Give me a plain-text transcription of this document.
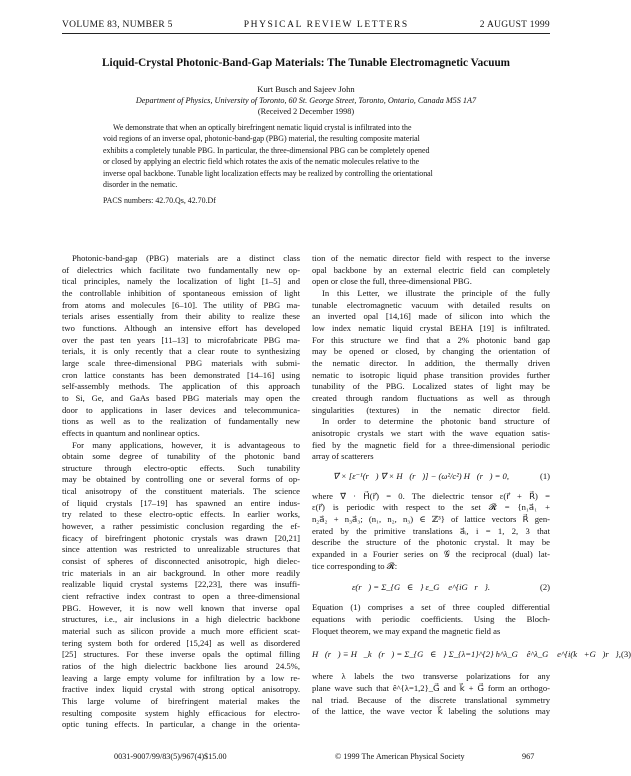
VOLUME 83, NUMBER 5	PHYSICAL REVIEW LETTERS	2 AUGUST 1999
Liquid-Crystal Photonic-Band-Gap Materials: The Tunable Electromagnetic Vacuum
Kurt Busch and Sajeev John
Department of Physics, University of Toronto, 60 St. George Street, Toronto, Ontario, Canada M5S 1A7
(Received 2 December 1998)
We demonstrate that when an optically birefringent nematic liquid crystal is infiltrated into the
void regions of an inverse opal, photonic-band-gap (PBG) material, the resulting composite material
exhibits a completely tunable PBG. In particular, the three-dimensional PBG can be completely opened
or closed by applying an electric field which rotates the axis of the nematic molecules relative to the
inverse opal backbone. Tunable light localization effects may be realized by controlling the orientational
disorder in the nematic.
PACS numbers: 42.70.Qs, 42.70.Df
Photonic-band-gap (PBG) materials are a distinct class
of dielectrics which facilitate two fundamentally new op-
tical principles, namely the localization of light [1–5] and
the controllable inhibition of spontaneous emission of light
from atoms and molecules [6–10]. The utility of PBG ma-
terials arises essentially from their ability to realize these
two functions. Although an intensive effort has developed
over the past ten years [11–13] to microfabricate PBG ma-
terials, it is only recently that a clear route to synthesizing
large scale three-dimensional PBG materials with submi-
cron lattice constants has been demonstrated [14–16] using
self-assembly methods. The application of this approach
to Si, Ge, and GaAs based PBG materials may open the
door to applications in laser devices and telecommunica-
tions as well as to the realization of fundamentally new
effects in quantum and nonlinear optics.
For many applications, however, it is advantageous to
obtain some degree of tunability of the photonic band
structure through electro-optic effects. Such tunability
may be obtained by controlling one or several forms of op-
tical anisotropy of the constituent materials. The science
of liquid crystals [17–19] has spawned an entire indus-
try related to these electro-optic effects. In earlier works,
however, a rather pessimistic conclusion regarding the ef-
ficacy of birefringent photonic crystals was drawn [20,21]
since attention was restricted to unrealizable structures that
consist of spheres of disconnected anisotropic, high dielec-
tric materials in an air background. In other more readily
realizable liquid crystal systems [22,23], there was insuffi-
cient refractive index contrast to open a three-dimensional
PBG. However, it is now well known that inverse opal
structures, i.e., air inclusions in a high dielectric backbone
material such as silicon provide a much more efficient scat-
tering system both for ordered [15,24] as well as disordered
[25] structures. For these inverse opals the optimal filling
ratios of the high dielectric backbone lies around 24.5%,
leaving a large empty volume for infiltration by a low re-
fractive index liquid crystal with strong optical anisotropy.
This large volume of birefringent material makes the
resulting composite system highly efficacious for electro-
optic tuning effects. In particular, a change in the orienta-
tion of the nematic director field with respect to the inverse
opal backbone by an external electric field can completely
open or close the full, three-dimensional PBG.
In this Letter, we illustrate the principle of the fully
tunable electromagnetic vacuum with detailed results on
an inverted opal [14,16] made of silicon into which the
low index nematic liquid crystal BEHA [19] is infiltrated.
For this structure we find that a 2% photonic band gap
may be opened or closed, by changing the orientation of
the nematic director. In addition, the thermally driven
nematic to isotropic liquid phase transition provides further
tunability of the PBG. Localized states of light may be
created through random fluctuations as well as through
singularities (textures) in the nematic director field.
In order to determine the photonic band structure of
anisotropic crystals we start with the wave equation satis-
fied by the magnetic field for a three-dimensional periodic
array of scatterers
∇⃗ × [ε⁻¹(r⃗) ∇⃗ × H⃗(r⃗)] − (ω²/c²) H⃗(r⃗) = 0,	(1)
where ∇⃗ · H⃗(r⃗) = 0. The dielectric tensor ε(r⃗ + R⃗) =
ε(r⃗) is periodic with respect to the set 𝓡 = {n₁a⃗₁ +
n₂a⃗₂ + n₃a⃗₃; (n₁, n₂, n₃) ∈ ℤ³} of lattice vectors R⃗ gen-
erated by the primitive translations a⃗ᵢ, i = 1, 2, 3 that
describe the structure of the photonic crystal. It may be
expanded in a Fourier series on 𝒢 the reciprocal (dual) lat-
tice corresponding to 𝓡:
ε(r⃗) = Σ_{G⃗∈𝒢} ε_G⃗ e^{iG⃗r⃗}.	(2)
Equation (1) comprises a set of three coupled differential
equations with periodic coefficients. Using the Bloch-
Floquet theorem, we may expand the magnetic field as
H⃗(r⃗) ≡ H⃗_k⃗(r⃗) = Σ_{G⃗∈𝒢} Σ_{λ=1}^{2} h^λ_G⃗ ê^λ_G⃗ e^{i(k⃗+G⃗)r⃗}, (3)
where λ labels the two transverse polarizations for any
plane wave such that ê^{λ=1,2}_G⃗ and k⃗ + G⃗ form an orthogo-
nal triad. Because of the discrete translational symmetry
of the lattice, the wave vector k⃗ labeling the solutions may
0031-9007/99/83(5)/967(4)$15.00	© 1999 The American Physical Society	967
